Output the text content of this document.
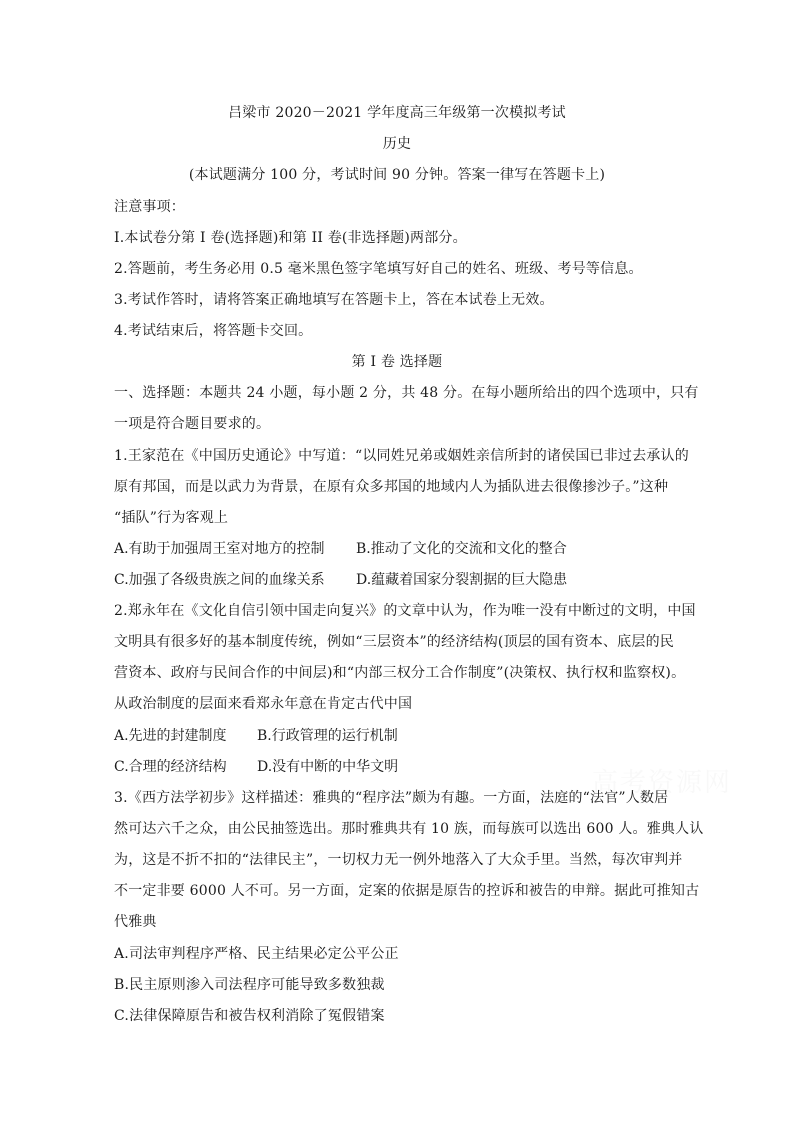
吕梁市 2020－2021 学年度高三年级第一次模拟考试
历史
(本试题满分 100 分，考试时间 90 分钟。答案一律写在答题卡上)
注意事项：
I.本试卷分第 I 卷(选择题)和第 II 卷(非选择题)两部分。
2.答题前，考生务必用 0.5 毫米黑色签字笔填写好自己的姓名、班级、考号等信息。
3.考试作答时，请将答案正确地填写在答题卡上，答在本试卷上无效。
4.考试结束后，将答题卡交回。
第 I 卷 选择题
一、选择题：本题共 24 小题，每小题 2 分，共 48 分。在每小题所给出的四个选项中，只有
一项是符合题目要求的。
1.王家范在《中国历史通论》中写道：“以同姓兄弟或姻姓亲信所封的诸侯国已非过去承认的
原有邦国，而是以武力为背景，在原有众多邦国的地域内人为插队进去很像掺沙子。”这种
“插队”行为客观上
A.有助于加强周王室对地方的控制 B.推动了文化的交流和文化的整合
C.加强了各级贵族之间的血缘关系 D.蕴藏着国家分裂割据的巨大隐患
2.郑永年在《文化自信引领中国走向复兴》的文章中认为，作为唯一没有中断过的文明，中国
文明具有很多好的基本制度传统，例如“三层资本”的经济结构(顶层的国有资本、底层的民
营资本、政府与民间合作的中间层)和“内部三权分工合作制度”(决策权、执行权和监察权)。
从政治制度的层面来看郑永年意在肯定古代中国
A.先进的封建制度 B.行政管理的运行机制
C.合理的经济结构 D.没有中断的中华文明
3.《西方法学初步》这样描述：雅典的“程序法”颇为有趣。一方面，法庭的“法官”人数居
然可达六千之众，由公民抽签选出。那时雅典共有 10 族，而每族可以选出 600 人。雅典人认
为，这是不折不扣的“法律民主”，一切权力无一例外地落入了大众手里。当然，每次审判并
不一定非要 6000 人不可。另一方面，定案的依据是原告的控诉和被告的申辩。据此可推知古
代雅典
A.司法审判程序严格、民主结果必定公平公正
B.民主原则渗入司法程序可能导致多数独裁
C.法律保障原告和被告权利消除了冤假错案
高考资源网
